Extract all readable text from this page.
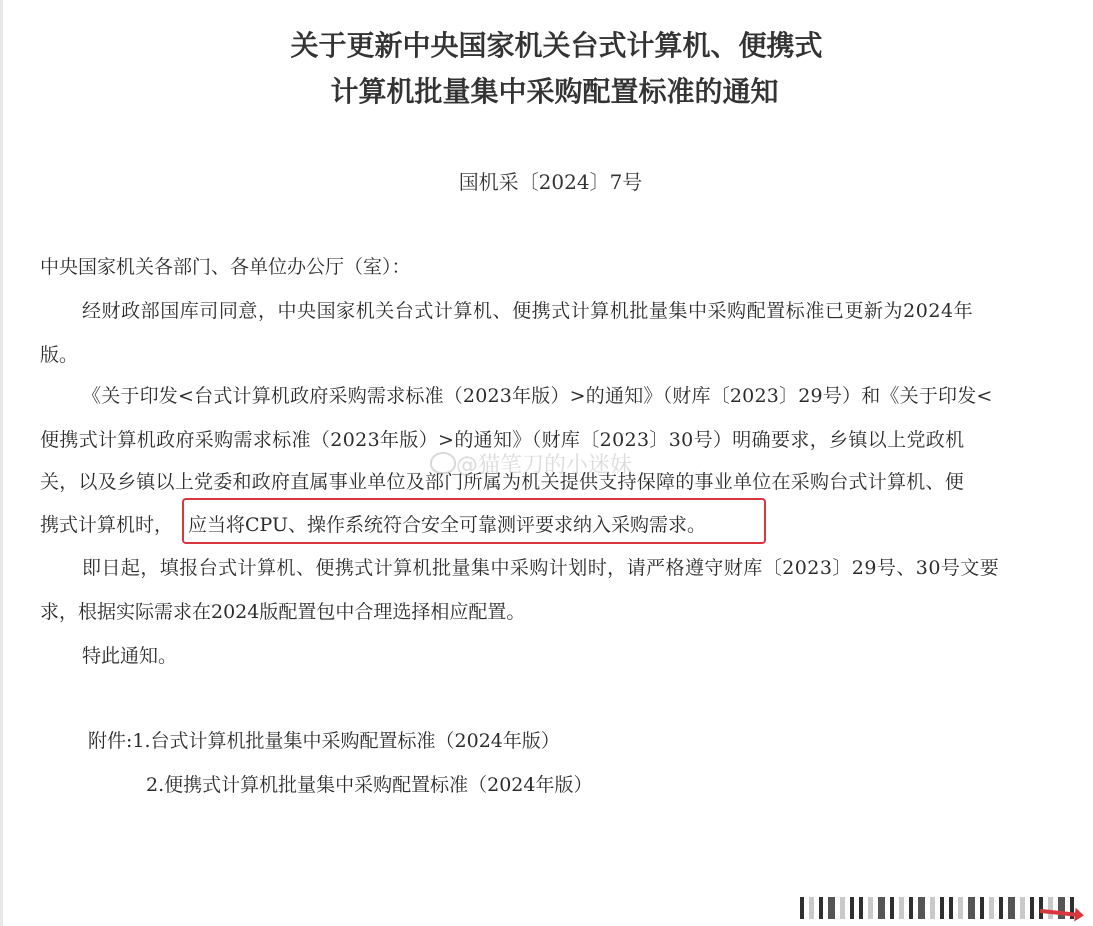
关于更新中央国家机关台式计算机、便携式
计算机批量集中采购配置标准的通知
国机采〔2024〕7号
中央国家机关各部门、各单位办公厅（室）：
经财政部国库司同意，中央国家机关台式计算机、便携式计算机批量集中采购配置标准已更新为2024年
版。
《关于印发<台式计算机政府采购需求标准（2023年版）>的通知》（财库〔2023〕29号）和《关于印发<
便携式计算机政府采购需求标准（2023年版）>的通知》（财库〔2023〕30号）明确要求，乡镇以上党政机
关，以及乡镇以上党委和政府直属事业单位及部门所属为机关提供支持保障的事业单位在采购台式计算机、便
携式计算机时， 应当将CPU、操作系统符合安全可靠测评要求纳入采购需求。
@猫笔刀的小迷妹
即日起，填报台式计算机、便携式计算机批量集中采购计划时，请严格遵守财库〔2023〕29号、30号文要
求，根据实际需求在2024版配置包中合理选择相应配置。
特此通知。
附件:1.台式计算机批量集中采购配置标准（2024年版）
2.便携式计算机批量集中采购配置标准（2024年版）
